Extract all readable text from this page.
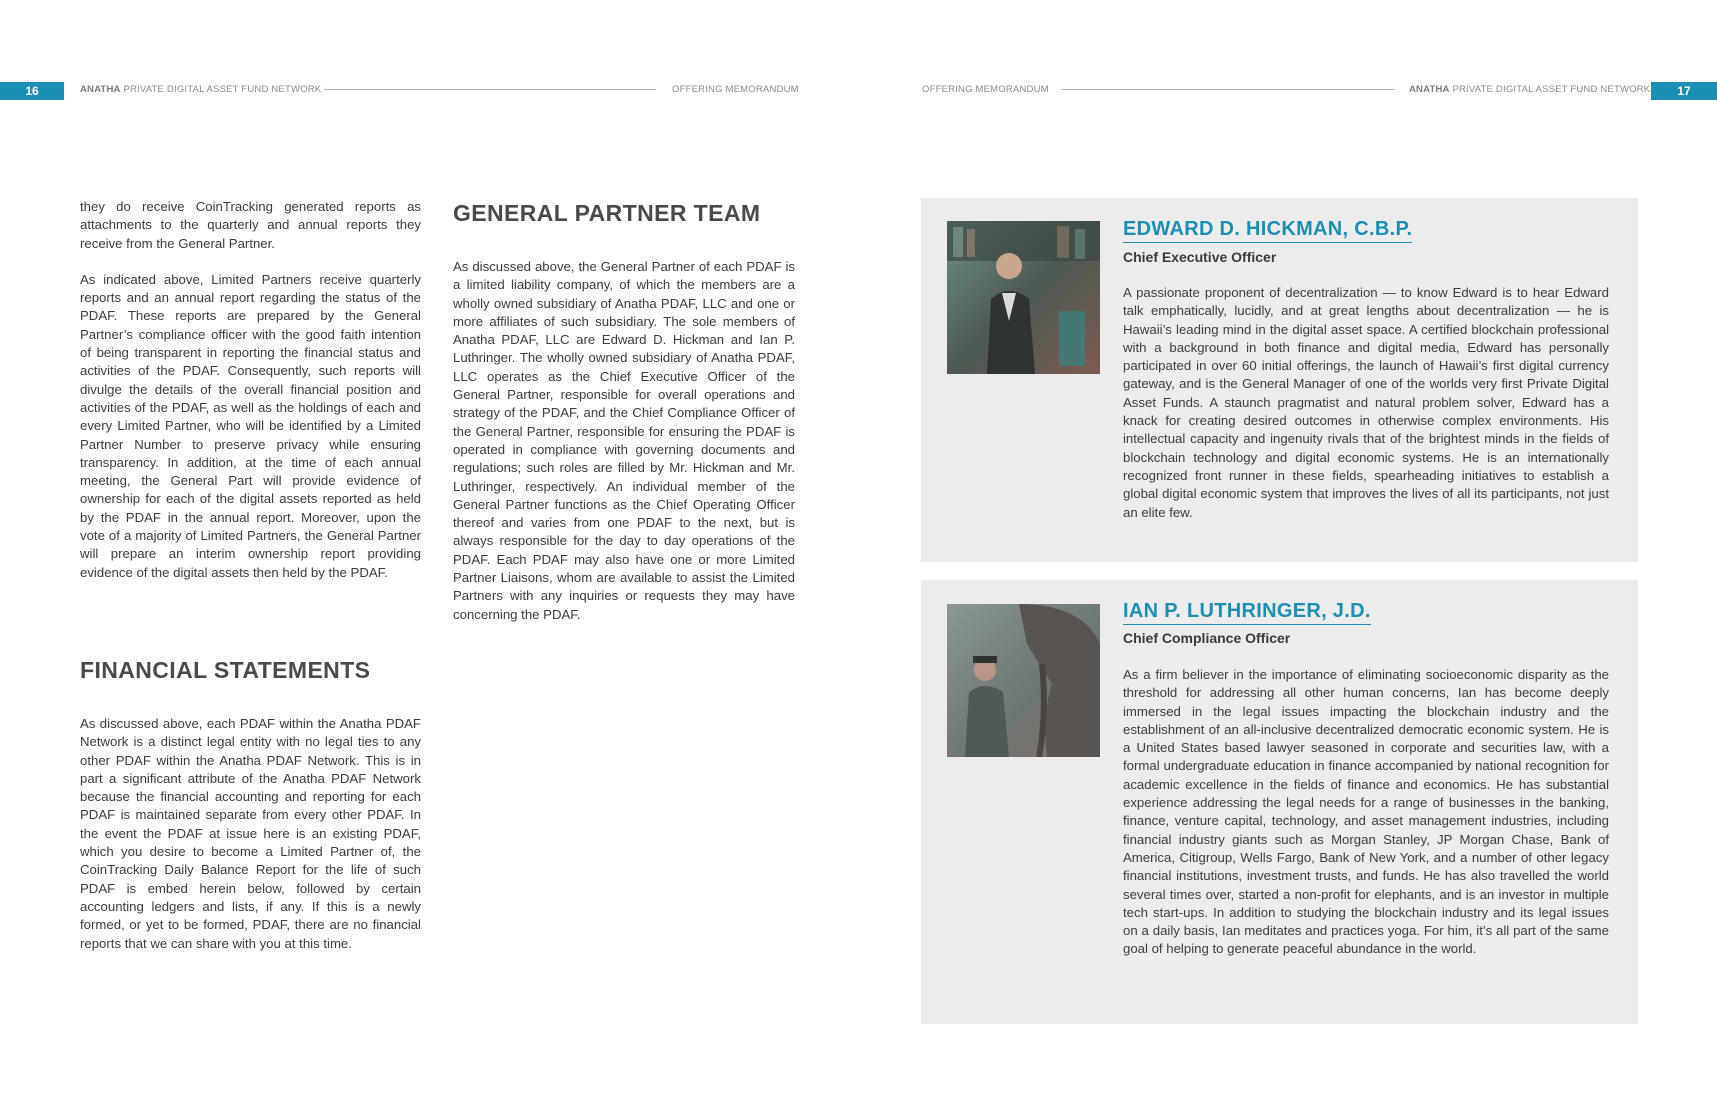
16	ANATHA PRIVATE DIGITAL ASSET FUND NETWORK	OFFERING MEMORANDUM	OFFERING MEMORANDUM	ANATHA PRIVATE DIGITAL ASSET FUND NETWORK	17

they do receive CoinTracking generated reports as attachments to the quarterly and annual reports they receive from the General Partner.

As indicated above, Limited Partners receive quarterly reports and an annual report regarding the status of the PDAF. These reports are prepared by the General Partner’s compliance officer with the good faith intention of being transparent in reporting the financial status and activities of the PDAF. Consequently, such reports will divulge the details of the overall financial position and activities of the PDAF, as well as the holdings of each and every Limited Partner, who will be identified by a Limited Partner Number to preserve privacy while ensuring transparency. In addition, at the time of each annual meeting, the General Part will provide evidence of ownership for each of the digital assets reported as held by the PDAF in the annual report. Moreover, upon the vote of a majority of Limited Partners, the General Partner will prepare an interim ownership report providing evidence of the digital assets then held by the PDAF.

FINANCIAL STATEMENTS

As discussed above, each PDAF within the Anatha PDAF Network is a distinct legal entity with no legal ties to any other PDAF within the Anatha PDAF Network. This is in part a significant attribute of the Anatha PDAF Network because the financial accounting and reporting for each PDAF is maintained separate from every other PDAF. In the event the PDAF at issue here is an existing PDAF, which you desire to become a Limited Partner of, the CoinTracking Daily Balance Report for the life of such PDAF is embed herein below, followed by certain accounting ledgers and lists, if any. If this is a newly formed, or yet to be formed, PDAF, there are no financial reports that we can share with you at this time.

GENERAL PARTNER TEAM

As discussed above, the General Partner of each PDAF is a limited liability company, of which the members are a wholly owned subsidiary of Anatha PDAF, LLC and one or more affiliates of such subsidiary. The sole members of Anatha PDAF, LLC are Edward D. Hickman and Ian P. Luthringer. The wholly owned subsidiary of Anatha PDAF, LLC operates as the Chief Executive Officer of the General Partner, responsible for overall operations and strategy of the PDAF, and the Chief Compliance Officer of the General Partner, responsible for ensuring the PDAF is operated in compliance with governing documents and regulations; such roles are filled by Mr. Hickman and Mr. Luthringer, respectively. An individual member of the General Partner functions as the Chief Operating Officer thereof and varies from one PDAF to the next, but is always responsible for the day to day operations of the PDAF. Each PDAF may also have one or more Limited Partner Liaisons, whom are available to assist the Limited Partners with any inquiries or requests they may have concerning the PDAF.

EDWARD D. HICKMAN, C.B.P.
Chief Executive Officer
A passionate proponent of decentralization — to know Edward is to hear Edward talk emphatically, lucidly, and at great lengths about decentralization — he is Hawaii’s leading mind in the digital asset space. A certified blockchain professional with a background in both finance and digital media, Edward has personally participated in over 60 initial offerings, the launch of Hawaii’s first digital currency gateway, and is the General Manager of one of the worlds very first Private Digital Asset Funds. A staunch pragmatist and natural problem solver, Edward has a knack for creating desired outcomes in otherwise complex environments. His intellectual capacity and ingenuity rivals that of the brightest minds in the fields of blockchain technology and digital economic systems. He is an internationally recognized front runner in these fields, spearheading initiatives to establish a global digital economic system that improves the lives of all its participants, not just an elite few.
IAN P. LUTHRINGER, J.D.
Chief Compliance Officer
As a firm believer in the importance of eliminating socioeconomic disparity as the threshold for addressing all other human concerns, Ian has become deeply immersed in the legal issues impacting the blockchain industry and the establishment of an all-inclusive decentralized democratic economic system. He is a United States based lawyer seasoned in corporate and securities law, with a formal undergraduate education in finance accompanied by national recognition for academic excellence in the fields of finance and economics. He has substantial experience addressing the legal needs for a range of businesses in the banking, finance, venture capital, technology, and asset management industries, including financial industry giants such as Morgan Stanley, JP Morgan Chase, Bank of America, Citigroup, Wells Fargo, Bank of New York, and a number of other legacy financial institutions, investment trusts, and funds. He has also travelled the world several times over, started a non-profit for elephants, and is an investor in multiple tech start-ups. In addition to studying the blockchain industry and its legal issues on a daily basis, Ian meditates and practices yoga. For him, it’s all part of the same goal of helping to generate peaceful abundance in the world.
